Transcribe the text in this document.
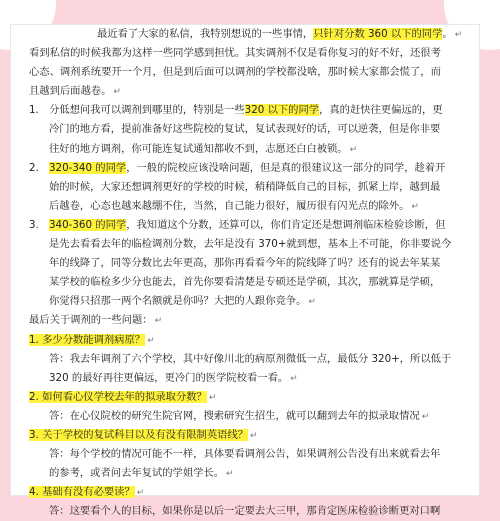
最近看了大家的私信，我特别想说的一些事情，只针对分数 360 以下的同学。 ↵
看到私信的时候我都为这样一些同学感到担忧。其实调剂不仅是看你复习的好不好，还很考
心态、调剂系统要开一个月，但是到后面可以调剂的学校都没啥，那时候大家都会慌了，而
且越到后面越卷。 ↵
1. 分低想问我可以调剂到哪里的，特别是一些320 以下的同学，真的赶快往更偏远的，更
冷门的地方看，提前准备好这些院校的复试，复试表现好的话，可以逆袭，但是你非要
往好的地方调剂，你可能连复试通知都收不到，志愿还白白被锁。 ↵
2. 320-340 的同学，一般的院校应该没啥问题，但是真的很建议这一部分的同学，趁着开
始的时候，大家还想调剂更好的学校的时候，稍稍降低自己的目标，抓紧上岸，越到最
后越卷，心态也越来越绷不住，当然，自己能力很好，履历很有闪光点的除外。 ↵
3. 340-360 的同学，我知道这个分数，还算可以，你们肯定还是想调剂临床检验诊断，但
是先去看看去年的临检调剂分数，去年是没有 370+就到想，基本上不可能，你非要说今
年的线降了，同等分数比去年更高，那你再看看今年的院线降了吗？还有的说去年某某
某学校的临检多少分也能去，首先你要看清楚是专硕还是学硕，其次，那就算是学硕，
你觉得只招那一两个名额就是你吗？大把的人跟你竞争。 ↵
最后关于调剂的一些问题： ↵
1. 多少分数能调剂病原？ ↵
答：我去年调剂了六个学校，其中好像川北的病原剂微低一点，最低分 320+，所以低于
320 的最好再往更偏远，更冷门的医学院校看一看。 ↵
2. 如何看心仪学校去年的拟录取分数？ ↵
答：在心仪院校的研究生院官网，搜索研究生招生，就可以翻到去年的拟录取情况 ↵
3. 关于学校的复试科目以及有没有限制英语线？ ↵
答：每个学校的情况可能不一样，具体要看调剂公告，如果调剂公告没有出来就看去年
的参考，或者问去年复试的学姐学长。 ↵
4. 基础有没有必要读？ ↵
答：这要看个人的目标，如果你是以后一定要去大三甲，那肯定医床检验诊断更对口啊
